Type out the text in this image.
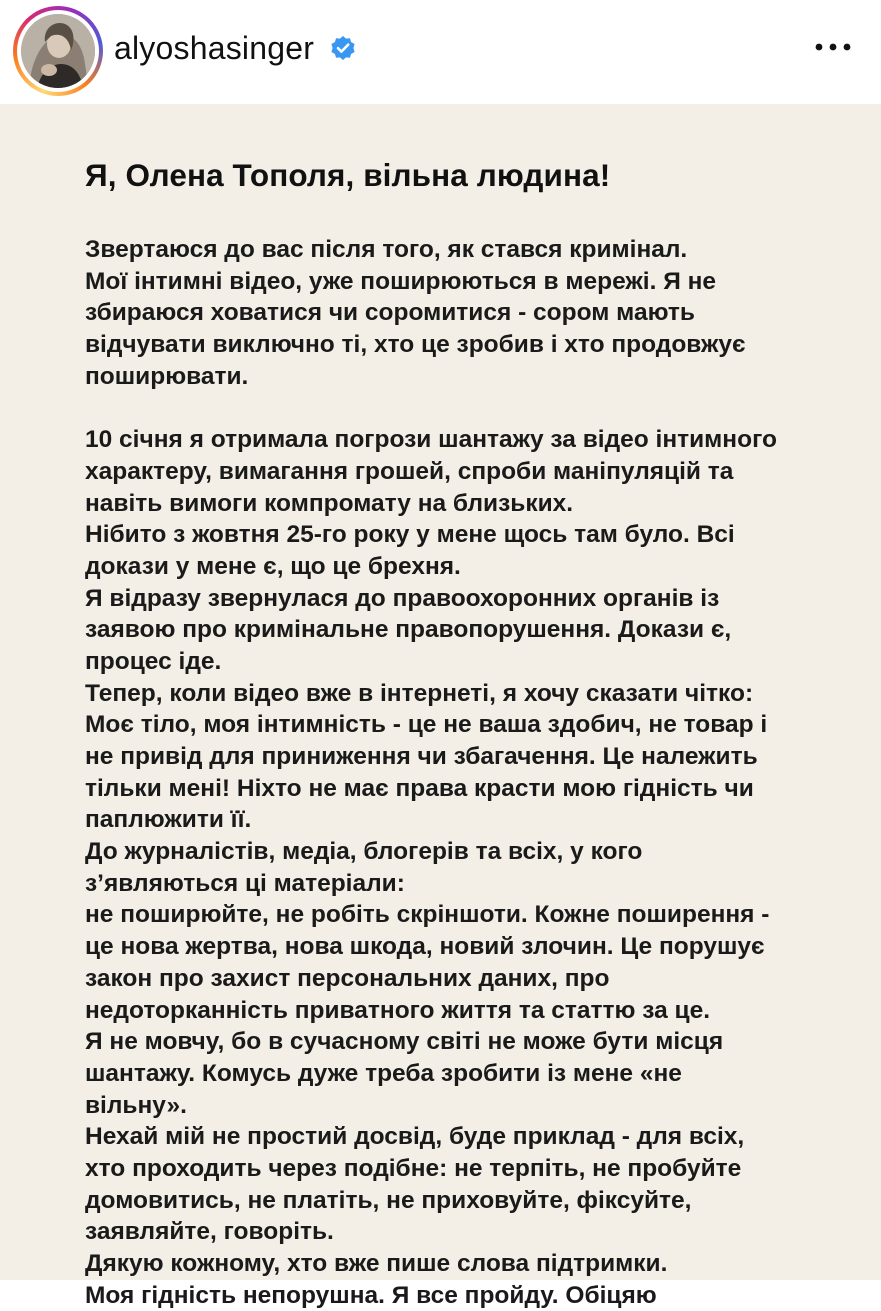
alyoshasinger
Я, Олена Тополя, вільна людина!
Звертаюся до вас після того, як стався кримінал.
Мої інтимні відео, уже поширюються в мережі. Я не
збираюся ховатися чи соромитися - сором мають
відчувати виключно ті, хто це зробив і хто продовжує
поширювати.
10 січня я отримала погрози шантажу за відео інтимного
характеру, вимагання грошей, спроби маніпуляцій та
навіть вимоги компромату на близьких.
Нібито з жовтня 25-го року у мене щось там було. Всі
докази у мене є, що це брехня.
Я відразу звернулася до правоохоронних органів із
заявою про кримінальне правопорушення. Докази є,
процес іде.
Тепер, коли відео вже в інтернеті, я хочу сказати чітко:
Моє тіло, моя інтимність - це не ваша здобич, не товар і
не привід для приниження чи збагачення. Це належить
тільки мені! Ніхто не має права красти мою гідність чи
паплюжити її.
До журналістів, медіа, блогерів та всіх, у кого
з’являються ці матеріали:
не поширюйте, не робіть скріншоти. Кожне поширення -
це нова жертва, нова шкода, новий злочин. Це порушує
закон про захист персональних даних, про
недоторканність приватного життя та статтю за це.
Я не мовчу, бо в сучасному світі не може бути місця
шантажу. Комусь дуже треба зробити із мене «не
вільну».
Нехай мій не простий досвід, буде приклад - для всіх,
хто проходить через подібне: не терпіть, не пробуйте
домовитись, не платіть, не приховуйте, фіксуйте,
заявляйте, говоріть.
Дякую кожному, хто вже пише слова підтримки.
Моя гідність непорушна. Я все пройду. Обіцяю
